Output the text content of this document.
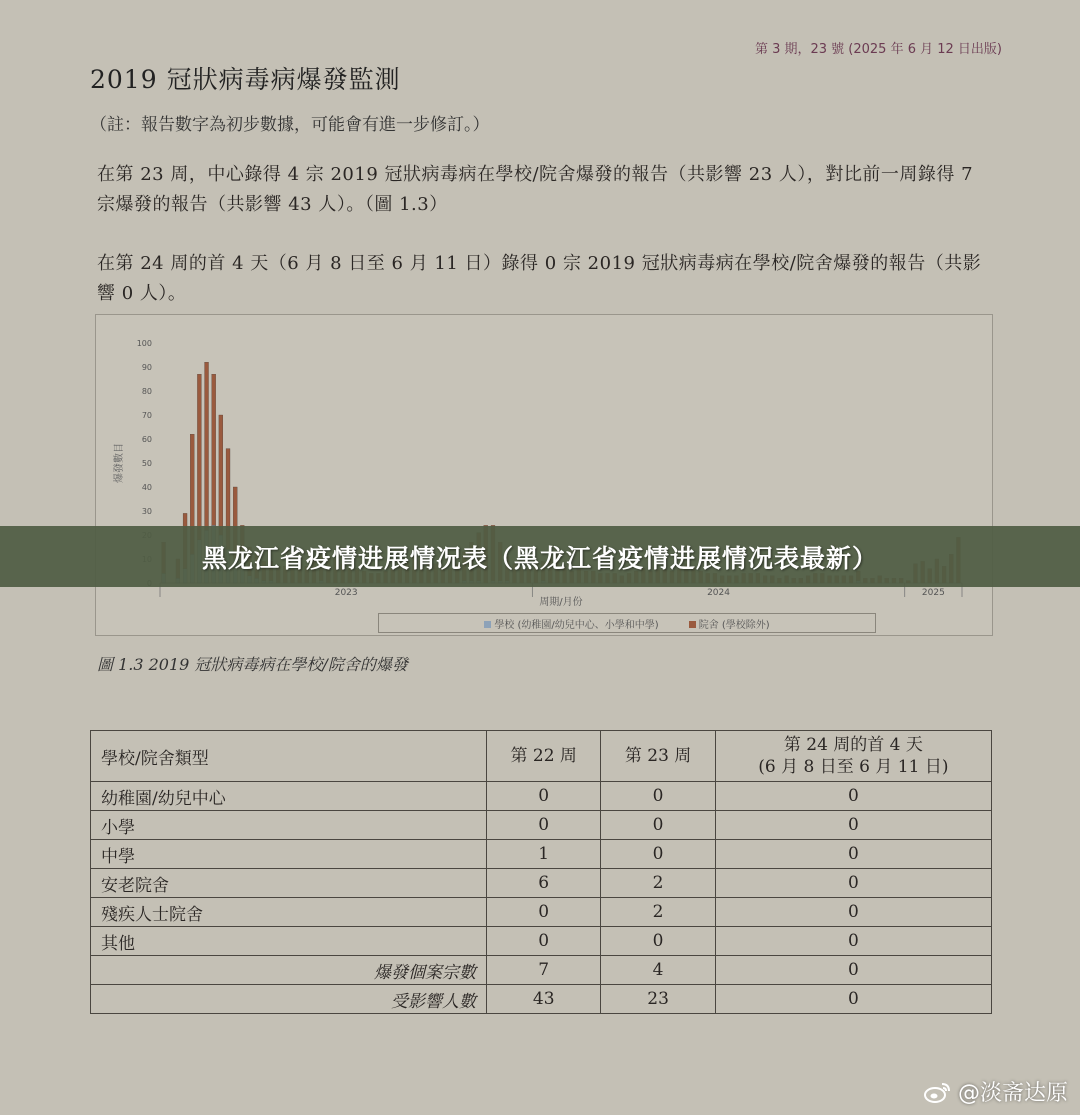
第 3 期，23 號 (2025 年 6 月 12 日出版)
2019 冠狀病毒病爆發監測
（註：報告數字為初步數據，可能會有進一步修訂。）
在第 23 周，中心錄得 4 宗 2019 冠狀病毒病在學校/院舍爆發的報告（共影響 23 人），對比前一周錄得 7 宗爆發的報告（共影響 43 人）。（圖 1.3）
在第 24 周的首 4 天（6 月 8 日至 6 月 11 日）錄得 0 宗 2019 冠狀病毒病在學校/院舍爆發的報告（共影響 0 人）。
30
40
50
60
70
80
90
100
爆發數目
2023	2024	2025
周期/月份
學校 (幼稚園/幼兒中心、小學和中學)	院舍 (學校除外)
圖 1.3 2019 冠狀病毒病在學校/院舍的爆發
學校/院舍類型	第 22 周	第 23 周	第 24 周的首 4 天
(6 月 8 日至 6 月 11 日)

幼稚園/幼兒中心	0	0	0
小學	0	0	0
中學	1	0	0
安老院舍	6	2	0
殘疾人士院舍	0	2	0
其他	0	0	0
爆發個案宗數	7	4	0
受影響人數	43	23	0
黑龙江省疫情进展情况表（黑龙江省疫情进展情况表最新）
@淡斋达原
